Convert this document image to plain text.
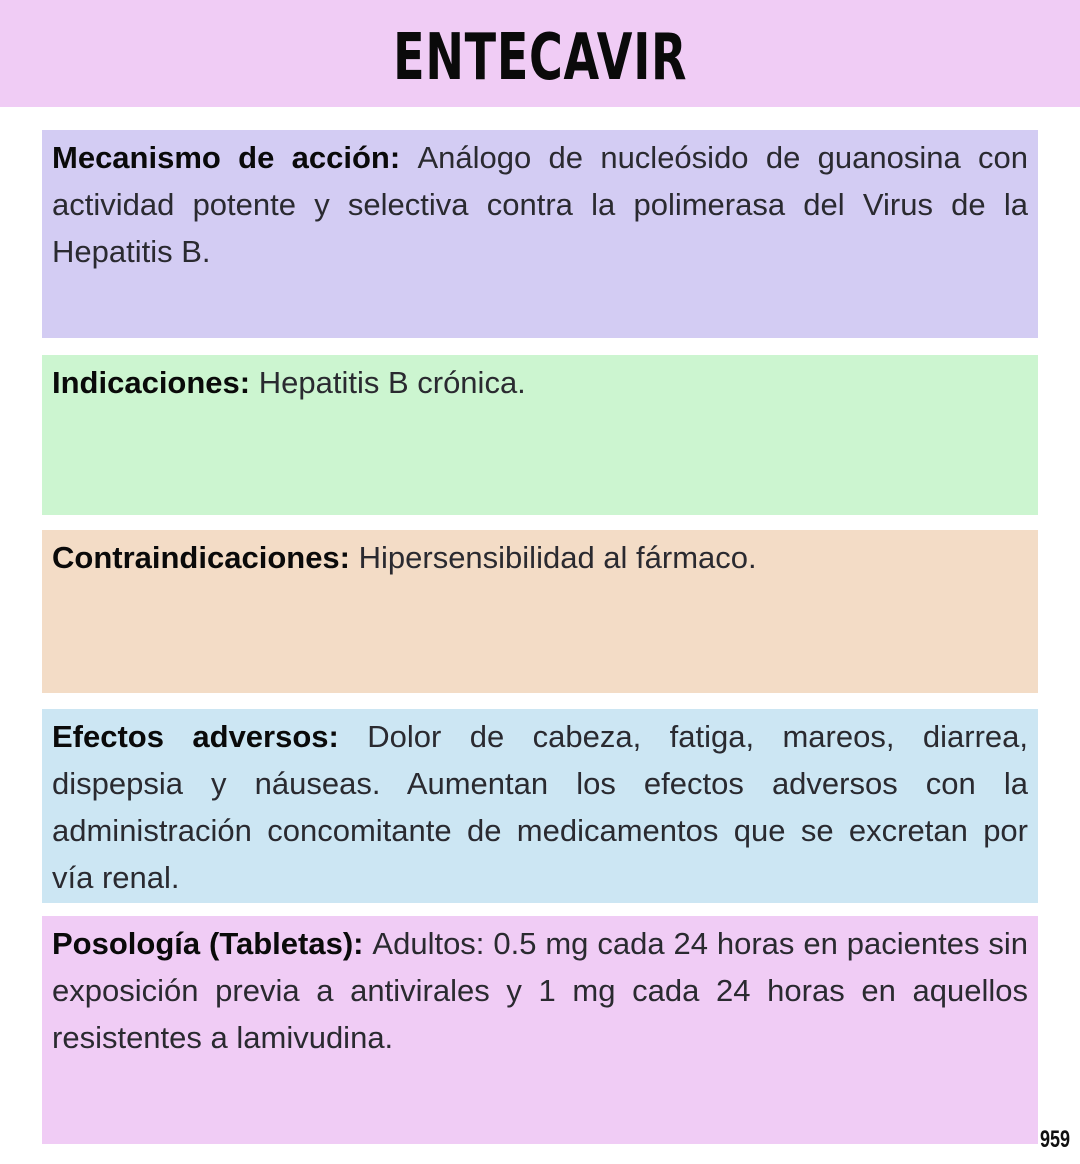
ENTECAVIR
Mecanismo de acción: Análogo de nucleósido de guanosina con actividad potente y selectiva contra la polimerasa del Virus de la Hepatitis B.
Indicaciones: Hepatitis B crónica.
Contraindicaciones: Hipersensibilidad al fármaco.
Efectos adversos: Dolor de cabeza, fatiga, mareos, diarrea, dispepsia y náuseas. Aumentan los efectos adversos con la administración concomitante de medicamentos que se excretan por vía renal.
Posología (Tabletas): Adultos: 0.5 mg cada 24 horas en pacientes sin exposición previa a antivirales y 1 mg cada 24 horas en aquellos resistentes a lamivudina.
959
